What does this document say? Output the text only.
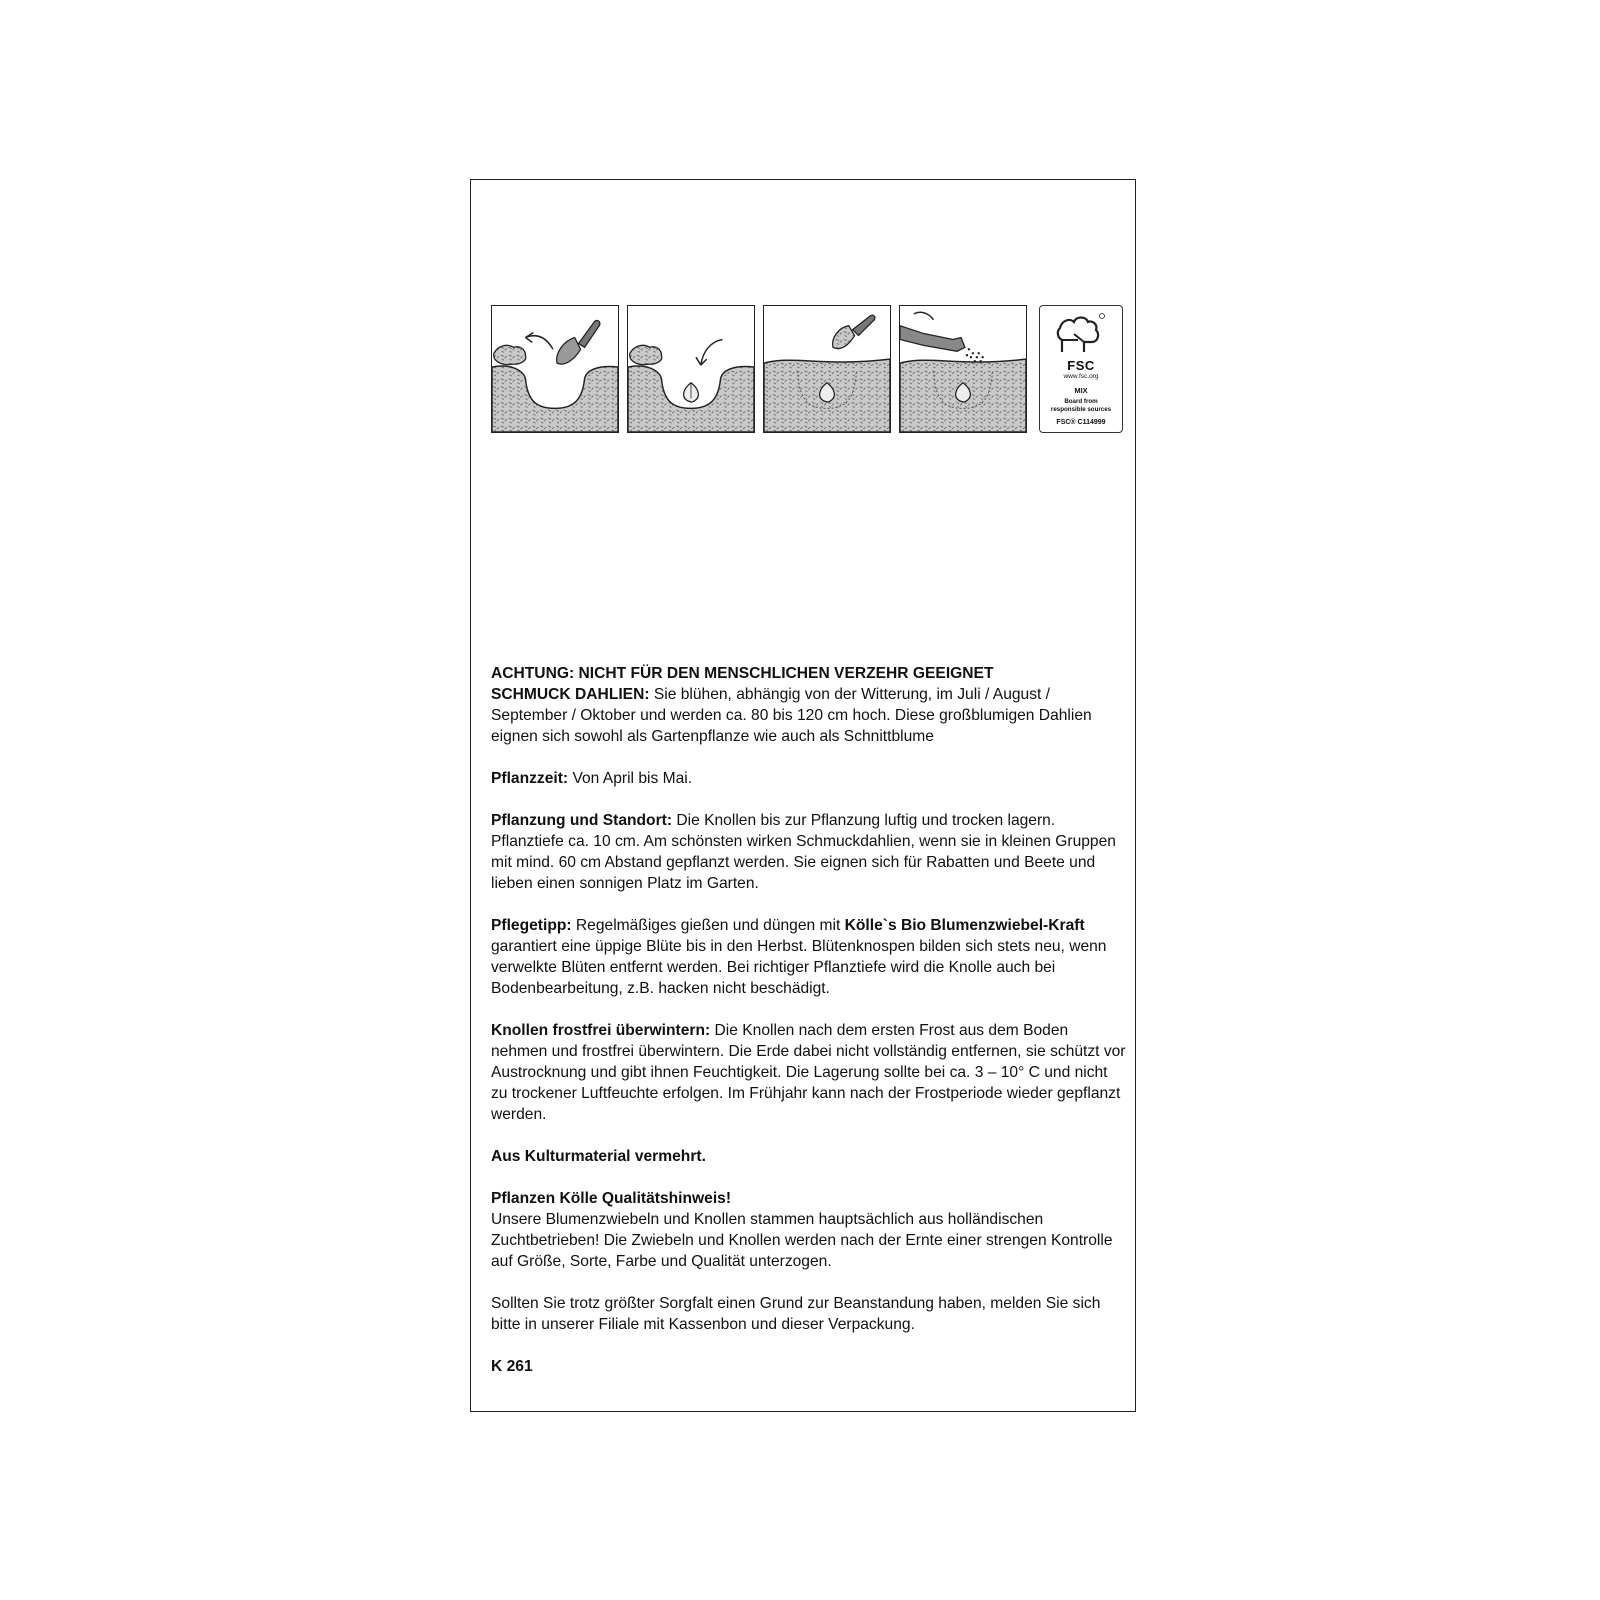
FSC
www.fsc.org
MIX
Board from
responsible sources
FSC® C114999

ACHTUNG: NICHT FÜR DEN MENSCHLICHEN VERZEHR GEEIGNET

SCHMUCK DAHLIEN: Sie blühen, abhängig von der Witterung, im Juli / August / September / Oktober und werden ca. 80 bis 120 cm hoch. Diese großblumigen Dahlien eignen sich sowohl als Gartenpflanze wie auch als Schnittblume

Pflanzzeit: Von April bis Mai.

Pflanzung und Standort: Die Knollen bis zur Pflanzung luftig und trocken lagern. Pflanztiefe ca. 10 cm. Am schönsten wirken Schmuckdahlien, wenn sie in kleinen Gruppen mit mind. 60 cm Abstand gepflanzt werden. Sie eignen sich für Rabatten und Beete und lieben einen sonnigen Platz im Garten.

Pflegetipp: Regelmäßiges gießen und düngen mit Kölle`s Bio Blumenzwiebel-Kraft garantiert eine üppige Blüte bis in den Herbst. Blütenknospen bilden sich stets neu, wenn verwelkte Blüten entfernt werden. Bei richtiger Pflanztiefe wird die Knolle auch bei Bodenbearbeitung, z.B. hacken nicht beschädigt.

Knollen frostfrei überwintern: Die Knollen nach dem ersten Frost aus dem Boden nehmen und frostfrei überwintern. Die Erde dabei nicht vollständig entfernen, sie schützt vor Austrocknung und gibt ihnen Feuchtigkeit. Die Lagerung sollte bei ca. 3 – 10° C und nicht zu trockener Luftfeuchte erfolgen. Im Frühjahr kann nach der Frostperiode wieder gepflanzt werden.

Aus Kulturmaterial vermehrt.

Pflanzen Kölle Qualitätshinweis!

Unsere Blumenzwiebeln und Knollen stammen hauptsächlich aus holländischen Zuchtbetrieben! Die Zwiebeln und Knollen werden nach der Ernte einer strengen Kontrolle auf Größe, Sorte, Farbe und Qualität unterzogen.

Sollten Sie trotz größter Sorgfalt einen Grund zur Beanstandung haben, melden Sie sich bitte in unserer Filiale mit Kassenbon und dieser Verpackung.

K 261
